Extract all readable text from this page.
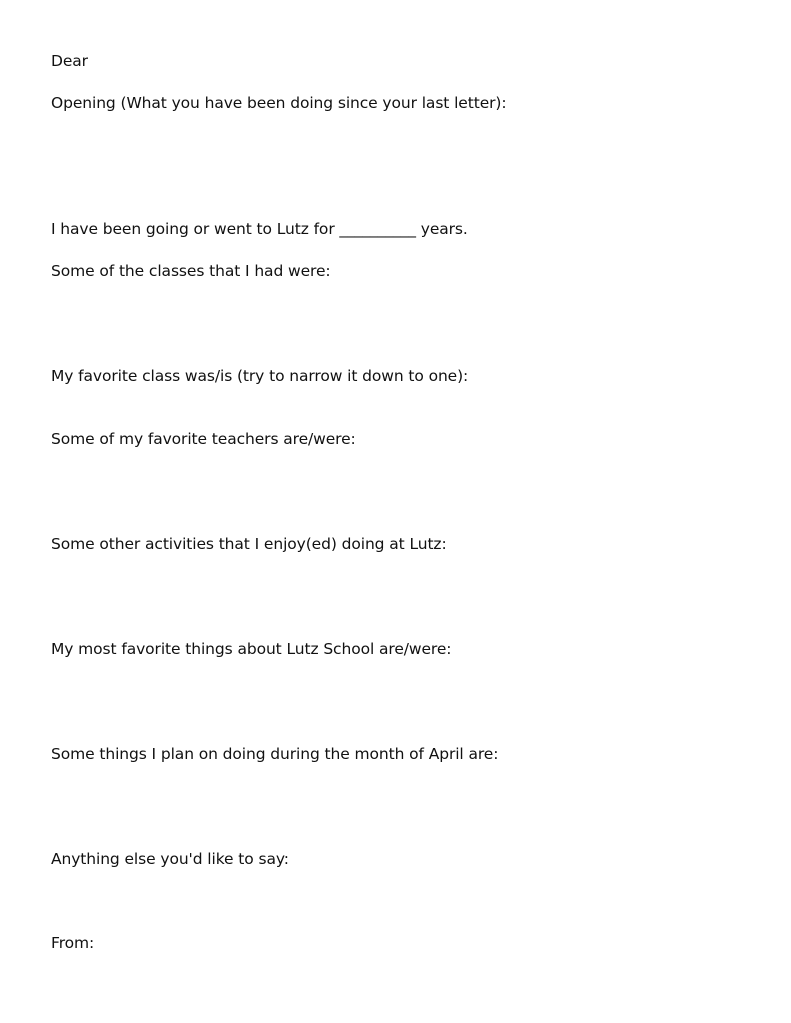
Dear

Opening (What you have been doing since your last letter):

I have been going or went to Lutz for __________ years.

Some of the classes that I had were:

My favorite class was/is (try to narrow it down to one):

Some of my favorite teachers are/were:

Some other activities that I enjoy(ed) doing at Lutz:

My most favorite things about Lutz School are/were:

Some things I plan on doing during the month of April are:

Anything else you'd like to say:

From:
